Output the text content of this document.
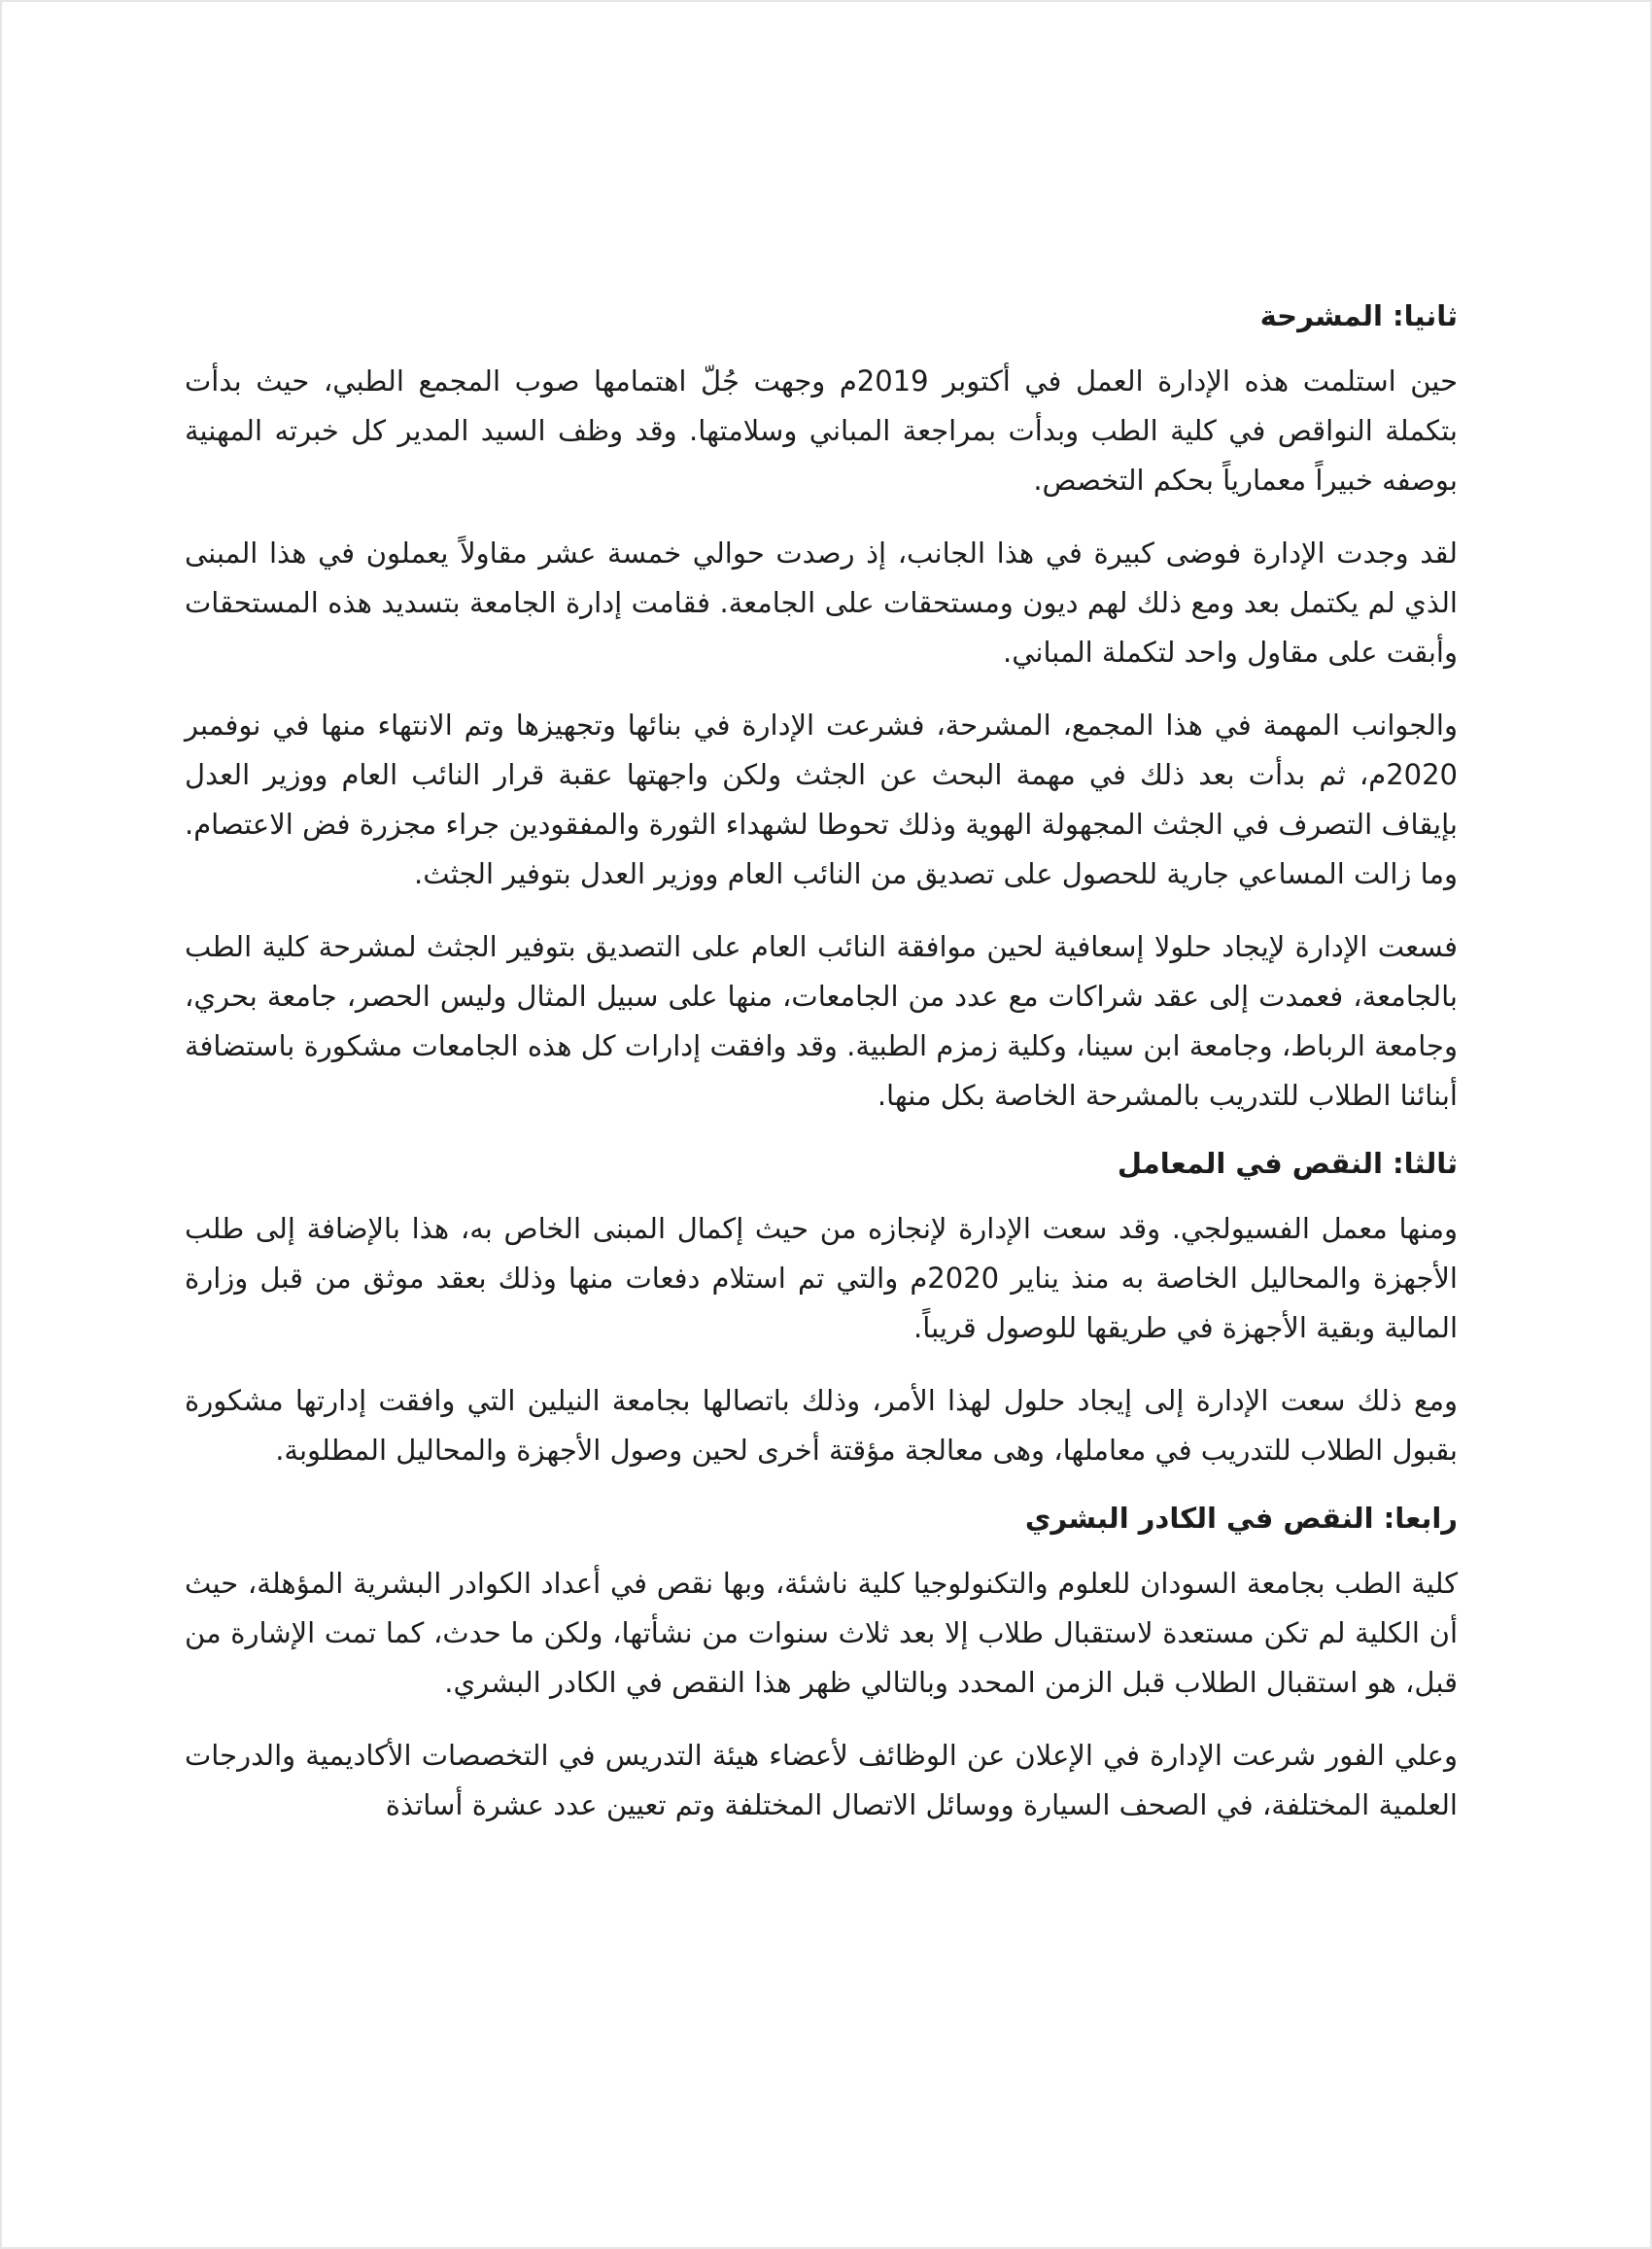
ثانيا: المشرحة

حين استلمت هذه الإدارة العمل في أكتوبر 2019م وجهت جُلّ اهتمامها صوب المجمع الطبي، حيث بدأت بتكملة النواقص في كلية الطب وبدأت بمراجعة المباني وسلامتها. وقد وظف السيد المدير كل خبرته المهنية بوصفه خبيراً معمارياً بحكم التخصص.

لقد وجدت الإدارة فوضى كبيرة في هذا الجانب، إذ رصدت حوالي خمسة عشر مقاولاً يعملون في هذا المبنى الذي لم يكتمل بعد ومع ذلك لهم ديون ومستحقات على الجامعة. فقامت إدارة الجامعة بتسديد هذه المستحقات وأبقت على مقاول واحد لتكملة المباني.

والجوانب المهمة في هذا المجمع، المشرحة، فشرعت الإدارة في بنائها وتجهيزها وتم الانتهاء منها في نوفمبر 2020م، ثم بدأت بعد ذلك في مهمة البحث عن الجثث ولكن واجهتها عقبة قرار النائب العام ووزير العدل بإيقاف التصرف في الجثث المجهولة الهوية وذلك تحوطا لشهداء الثورة والمفقودين جراء مجزرة فض الاعتصام. وما زالت المساعي جارية للحصول على تصديق من النائب العام ووزير العدل بتوفير الجثث.

فسعت الإدارة لإيجاد حلولا إسعافية لحين موافقة النائب العام على التصديق بتوفير الجثث لمشرحة كلية الطب بالجامعة، فعمدت إلى عقد شراكات مع عدد من الجامعات، منها على سبيل المثال وليس الحصر، جامعة بحري، وجامعة الرباط، وجامعة ابن سينا، وكلية زمزم الطبية. وقد وافقت إدارات كل هذه الجامعات مشكورة باستضافة أبنائنا الطلاب للتدريب بالمشرحة الخاصة بكل منها.

ثالثا: النقص في المعامل

ومنها معمل الفسيولجي. وقد سعت الإدارة لإنجازه من حيث إكمال المبنى الخاص به، هذا بالإضافة إلى طلب الأجهزة والمحاليل الخاصة به منذ يناير 2020م والتي تم استلام دفعات منها وذلك بعقد موثق من قبل وزارة المالية وبقية الأجهزة في طريقها للوصول قريباً.

ومع ذلك سعت الإدارة إلى إيجاد حلول لهذا الأمر، وذلك باتصالها بجامعة النيلين التي وافقت إدارتها مشكورة بقبول الطلاب للتدريب في معاملها، وهى معالجة مؤقتة أخرى لحين وصول الأجهزة والمحاليل المطلوبة.

رابعا: النقص في الكادر البشري

كلية الطب بجامعة السودان للعلوم والتكنولوجيا كلية ناشئة، وبها نقص في أعداد الكوادر البشرية المؤهلة، حيث أن الكلية لم تكن مستعدة لاستقبال طلاب إلا بعد ثلاث سنوات من نشأتها، ولكن ما حدث، كما تمت الإشارة من قبل، هو استقبال الطلاب قبل الزمن المحدد وبالتالي ظهر هذا النقص في الكادر البشري.

وعلي الفور شرعت الإدارة في الإعلان عن الوظائف لأعضاء هيئة التدريس في التخصصات الأكاديمية والدرجات العلمية المختلفة، في الصحف السيارة ووسائل الاتصال المختلفة وتم تعيين عدد عشرة أساتذة
